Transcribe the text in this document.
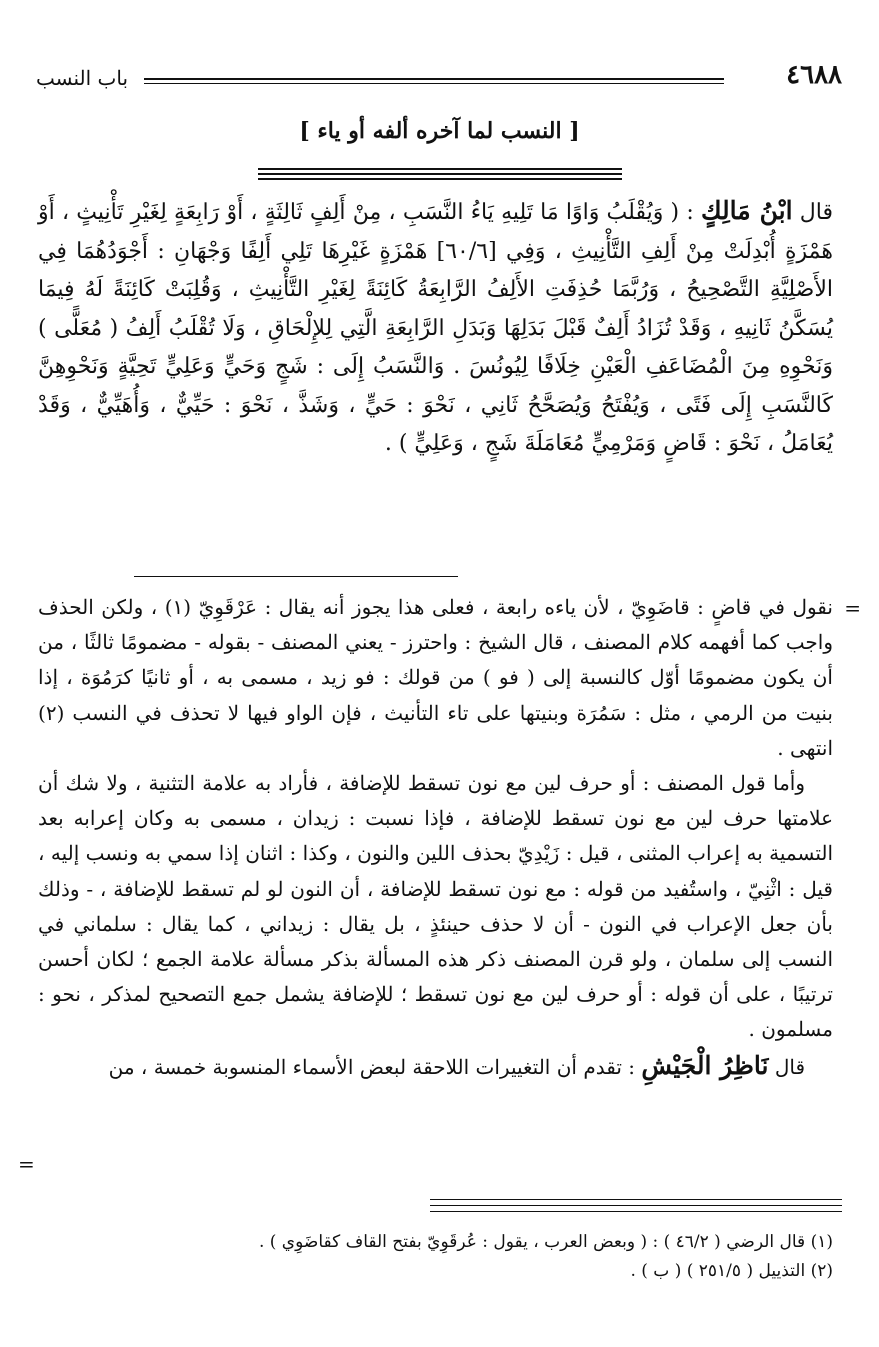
٤٦٨٨
باب النسب
[ النسب لما آخره ألفه أو ياء ]
قال ابْنُ مَالِكٍ : ( وَيُقْلَبُ وَاوًا مَا تَلِيهِ يَاءُ النَّسَبِ ، مِنْ أَلِفٍ ثَالِثَةٍ ، أَوْ رَابِعَةٍ لِغَيْرِ تَأْنِيثٍ ، أَوْ هَمْزَةٍ أُبْدِلَتْ مِنْ أَلِفِ التَّأْنِيثِ ، وَفِي [٦٠/٦] هَمْزَةٍ غَيْرِهَا تَلِي أَلِفًا وَجْهَانِ : أَجْوَدُهُمَا فِي الأَصْلِيَّةِ التَّصْحِيحُ ، وَرُبَّمَا حُذِفَتِ الأَلِفُ الرَّابِعَةُ كَائِنَةً لِغَيْرِ التَّأْنِيثِ ، وَقُلِبَتْ كَائِنَةً لَهُ فِيمَا يُسَكَّنُ ثَانِيهِ ، وَقَدْ تُزَادُ أَلِفٌ قَبْلَ بَدَلِهَا وَبَدَلِ الرَّابِعَةِ الَّتِي لِلإِلْحَاقِ ، وَلَا تُقْلَبُ أَلِفُ ( مُعَلًّى ) وَنَحْوِهِ مِنَ الْمُضَاعَفِ الْعَيْنِ خِلَافًا لِيُونُسَ . وَالنَّسَبُ إِلَى : شَجٍ وَحَيٍّ وَعَلِيٍّ تَحِيَّةٍ وَنَحْوِهِنَّ كَالنَّسَبِ إِلَى فَتًى ، وَيُفْتَحُ وَيُصَحَّحُ ثَانِي ، نَحْوَ : حَيٍّ ، وَشَذَّ ، نَحْوَ : حَيِّيٌّ ، وَأُهَيِّيٌّ ، وَقَدْ يُعَامَلُ ، نَحْوَ : قَاضٍ وَمَرْمِيٍّ مُعَامَلَةَ شَجٍ ، وَعَلِيٍّ ) .
=

نقول في قاضٍ : قاضَوِيّ ، لأن ياءه رابعة ، فعلى هذا يجوز أنه يقال : عَرْقَوِيّ (١) ، ولكن الحذف واجب كما أفهمه كلام المصنف ، قال الشيخ : واحترز - يعني المصنف - بقوله - مضمومًا ثالثًا ، من أن يكون مضمومًا أوّل كالنسبة إلى ( فو ) من قولك : فو زيد ، مسمى به ، أو ثانيًا كرَمُوَة ، إذا بنيت من الرمي ، مثل : سَمُرَة وبنيتها على تاء التأنيث ، فإن الواو فيها لا تحذف في النسب (٢) انتهى .

وأما قول المصنف : أو حرف لين مع نون تسقط للإضافة ، فأراد به علامة التثنية ، ولا شك أن علامتها حرف لين مع نون تسقط للإضافة ، فإذا نسبت : زيدان ، مسمى به وكان إعرابه بعد التسمية به إعراب المثنى ، قيل : زَيْدِيّ بحذف اللين والنون ، وكذا : اثنان إذا سمي به ونسب إليه ، قيل : اثْنِيّ ، واستُفيد من قوله : مع نون تسقط للإضافة ، أن النون لو لم تسقط للإضافة ، - وذلك بأن جعل الإعراب في النون - أن لا حذف حينئذٍ ، بل يقال : زيداني ، كما يقال : سلماني في النسب إلى سلمان ، ولو قرن المصنف ذكر هذه المسألة بذكر مسألة علامة الجمع ؛ لكان أحسن ترتيبًا ، على أن قوله : أو حرف لين مع نون تسقط ؛ للإضافة يشمل جمع التصحيح لمذكر ، نحو : مسلمون .

قال نَاظِرُ الْجَيْشِ : تقدم أن التغييرات اللاحقة لبعض الأسماء المنسوبة خمسة ، من

=

(١) قال الرضي ( ٤٦/٢ ) : ( وبعض العرب ، يقول : عُرقَوِيّ بفتح القاف كقاضَوِي ) .

(٢) التذييل ( ٢٥١/٥ ) ( ب ) .
